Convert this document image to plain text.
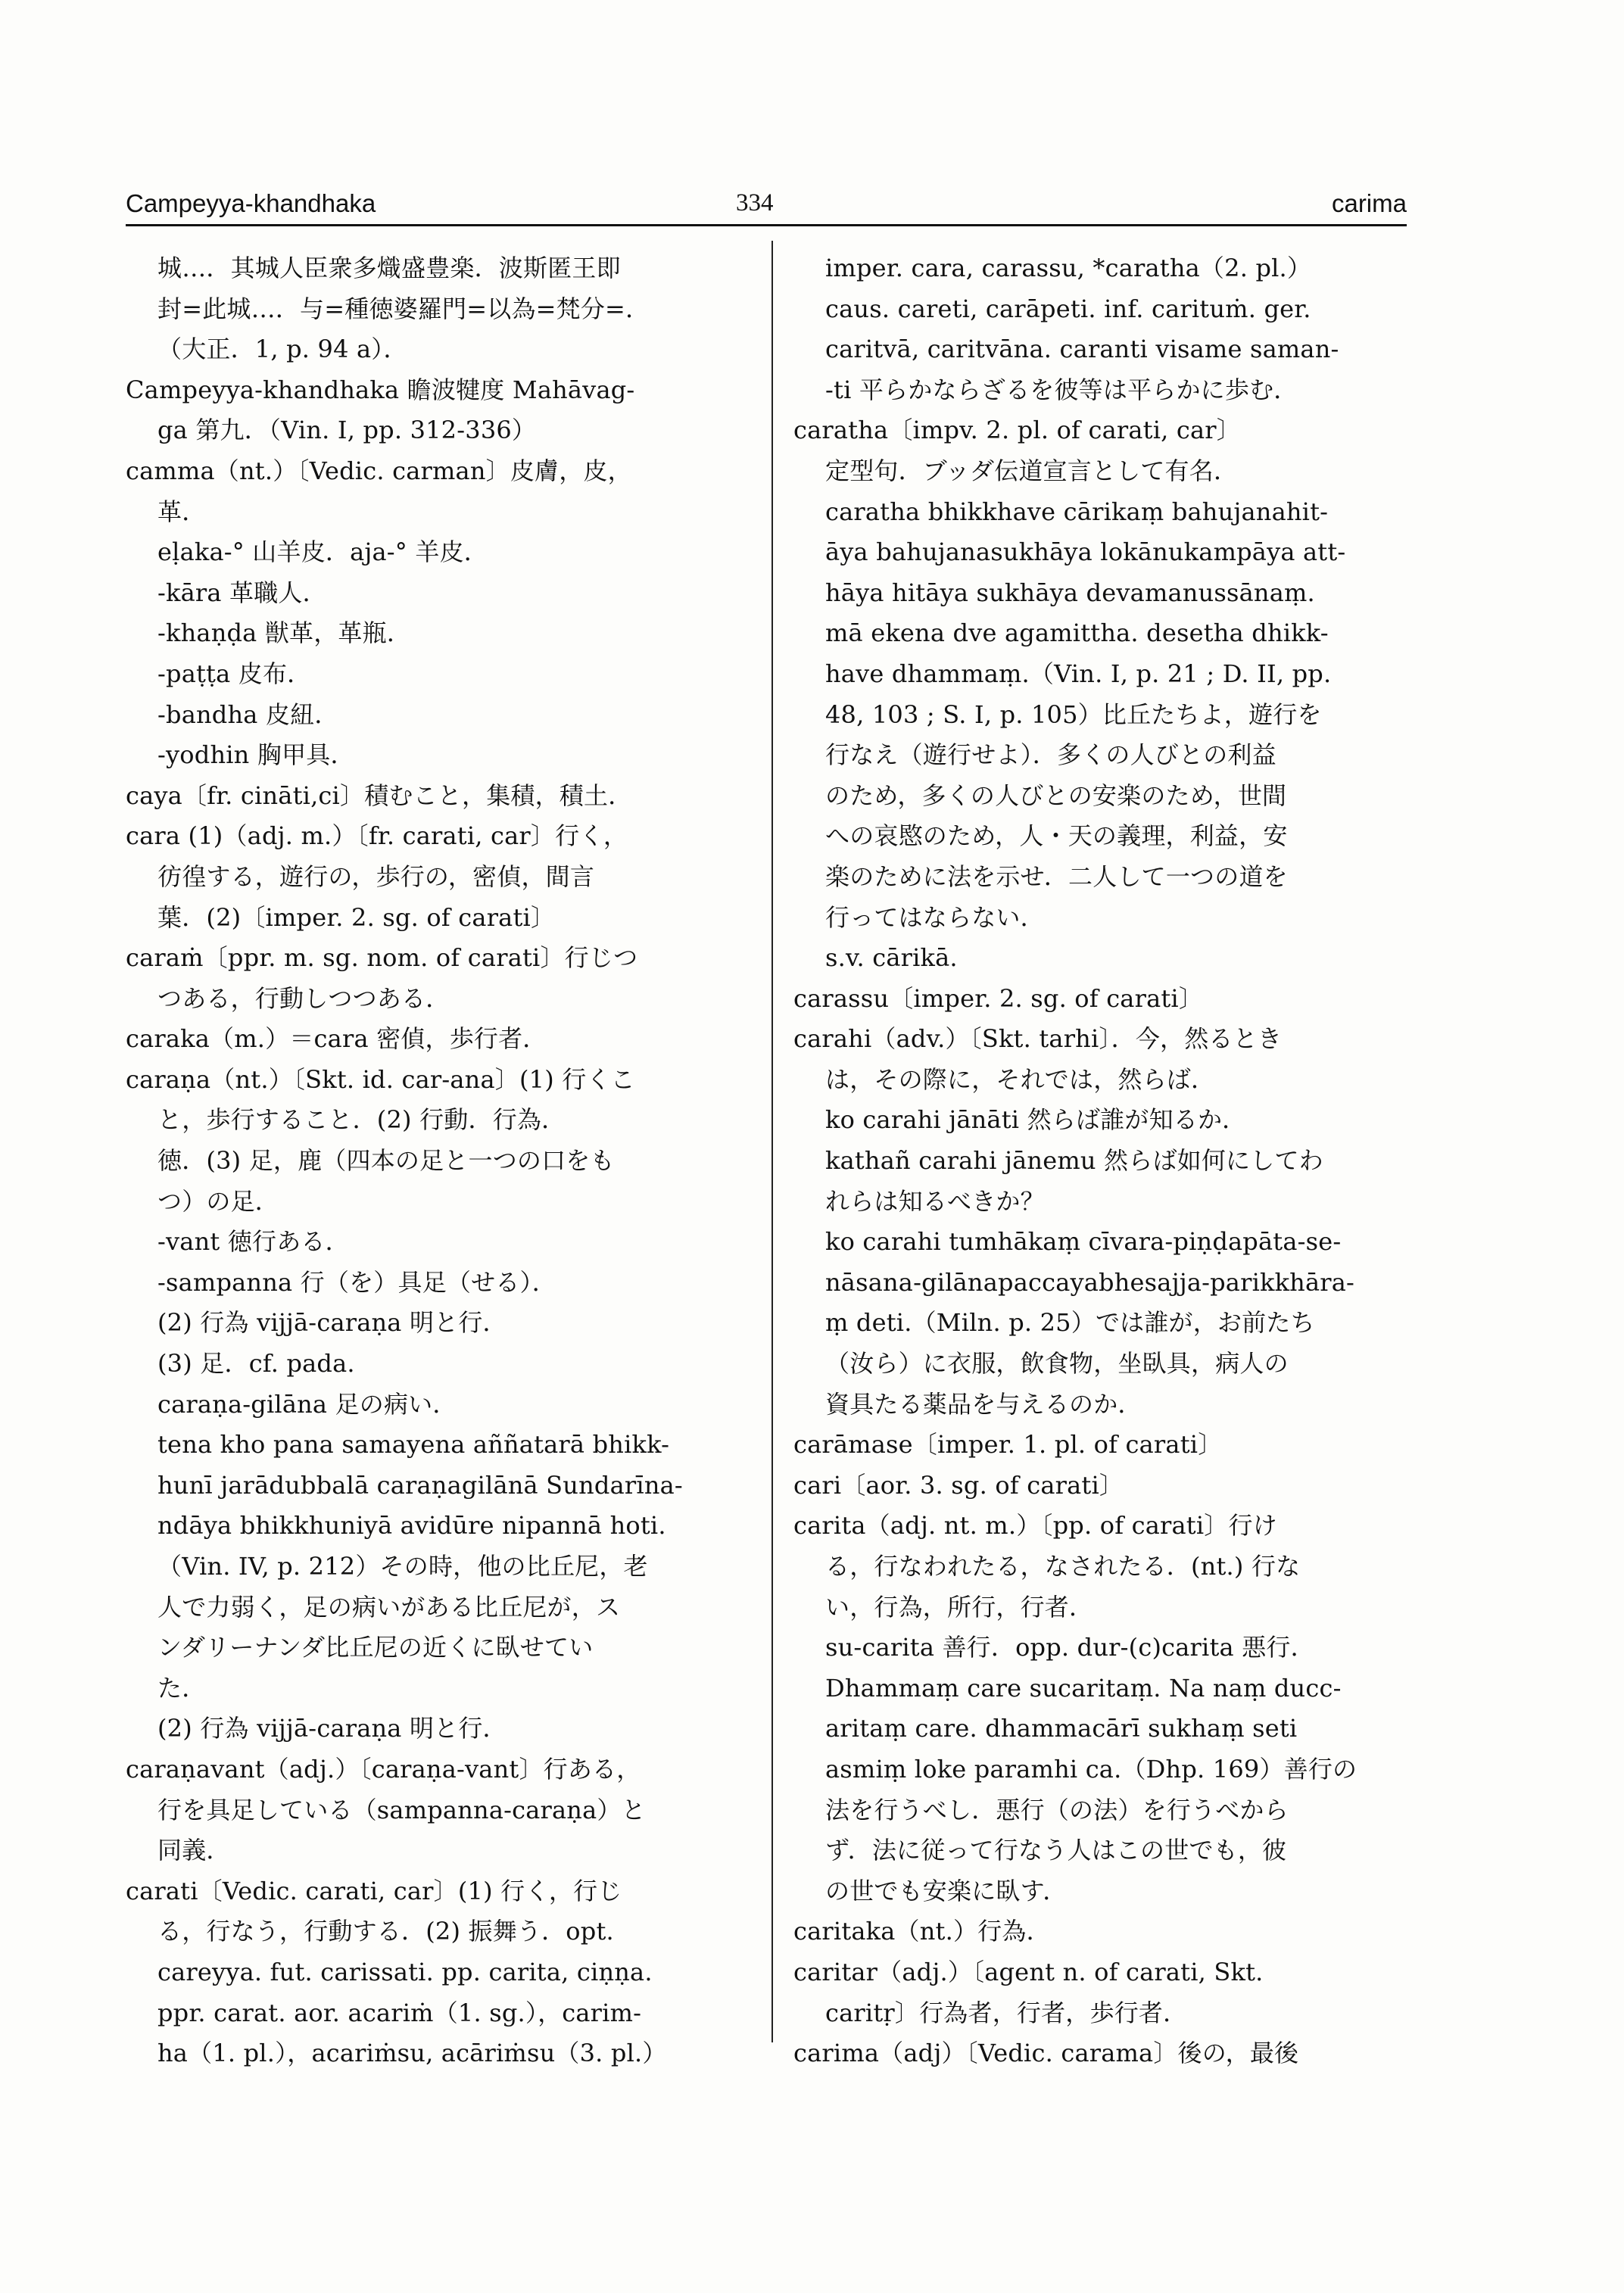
Campeyya-khandhaka	334	carima
城…．其城人臣衆多熾盛豊楽．波斯匿王即
封=此城…．与=種徳婆羅門=以為=梵分=．
（大正．1, p. 94 a）．
Campeyya-khandhaka 瞻波犍度 Mahāvag-
ga 第九．（Vin. I, pp. 312-336）
camma（nt.）〔Vedic. carman〕皮膚，皮，
革．
eḷaka-° 山羊皮．aja-° 羊皮．
-kāra 革職人．
-khaṇḍa 獣革，革瓶．
-paṭṭa 皮布．
-bandha 皮紐．
-yodhin 胸甲具．
caya〔fr. cināti,ci〕積むこと，集積，積土．
cara (1)（adj. m.）〔fr. carati, car〕行く，
彷徨する，遊行の，歩行の，密偵，間言
葉．(2)〔imper. 2. sg. of carati〕
caraṁ〔ppr. m. sg. nom. of carati〕行じつ
つある，行動しつつある．
caraka（m.）＝cara 密偵，歩行者．
caraṇa（nt.）〔Skt. id. car-ana〕(1) 行くこ
と，歩行すること．(2) 行動．行為．
徳．(3) 足，鹿（四本の足と一つの口をも
つ）の足．
-vant 徳行ある．
-sampanna 行（を）具足（せる）．
(2) 行為 vijjā-caraṇa 明と行．
(3) 足．cf. pada.
caraṇa-gilāna 足の病い．
tena kho pana samayena aññatarā bhikk-
hunī jarādubbalā caraṇagilānā Sundarīna-
ndāya bhikkhuniyā avidūre nipannā hoti.
（Vin. IV, p. 212）その時，他の比丘尼，老
人で力弱く，足の病いがある比丘尼が，ス
ンダリーナンダ比丘尼の近くに臥せてい
た．
(2) 行為 vijjā-caraṇa 明と行．
caraṇavant（adj.）〔caraṇa-vant〕行ある，
行を具足している（sampanna-caraṇa）と
同義．
carati〔Vedic. carati, car〕(1) 行く，行じ
る，行なう，行動する．(2) 振舞う．opt.
careyya. fut. carissati. pp. carita, ciṇṇa.
ppr. carat. aor. acariṁ（1. sg.），carim-
ha（1. pl.），acariṁsu, acāriṁsu（3. pl.）
imper. cara, carassu, *caratha（2. pl.）
caus. careti, carāpeti. inf. carituṁ. ger.
caritvā, caritvāna. caranti visame saman-
-ti 平らかならざるを彼等は平らかに歩む．
caratha〔impv. 2. pl. of carati, car〕
定型句．ブッダ伝道宣言として有名．
caratha bhikkhave cārikaṃ bahujanahit-
āya bahujanasukhāya lokānukampāya att-
hāya hitāya sukhāya devamanussānaṃ.
mā ekena dve agamittha. desetha dhikk-
have dhammaṃ.（Vin. I, p. 21 ; D. II, pp.
48, 103 ; S. I, p. 105）比丘たちよ，遊行を
行なえ（遊行せよ）．多くの人びとの利益
のため，多くの人びとの安楽のため，世間
への哀愍のため，人・天の義理，利益，安
楽のために法を示せ．二人して一つの道を
行ってはならない．
s.v. cārikā.
carassu〔imper. 2. sg. of carati〕
carahi（adv.）〔Skt. tarhi〕．今，然るとき
は，その際に，それでは，然らば．
ko carahi jānāti 然らば誰が知るか．
kathañ carahi jānemu 然らば如何にしてわ
れらは知るべきか？
ko carahi tumhākaṃ cīvara-piṇḍapāta-se-
nāsana-gilānapaccayabhesajja-parikkhāra-
ṃ deti.（Miln. p. 25）では誰が，お前たち
（汝ら）に衣服，飲食物，坐臥具，病人の
資具たる薬品を与えるのか．
carāmase〔imper. 1. pl. of carati〕
cari〔aor. 3. sg. of carati〕
carita（adj. nt. m.）〔pp. of carati〕行け
る，行なわれたる，なされたる．(nt.) 行な
い，行為，所行，行者．
su-carita 善行．opp. dur-(c)carita 悪行．
Dhammaṃ care sucaritaṃ. Na naṃ ducc-
aritaṃ care. dhammacārī sukhaṃ seti
asmiṃ loke paramhi ca.（Dhp. 169）善行の
法を行うべし．悪行（の法）を行うべから
ず．法に従って行なう人はこの世でも，彼
の世でも安楽に臥す．
caritaka（nt.）行為．
caritar（adj.）〔agent n. of carati, Skt.
caritṛ〕行為者，行者，歩行者．
carima（adj）〔Vedic. carama〕後の，最後
